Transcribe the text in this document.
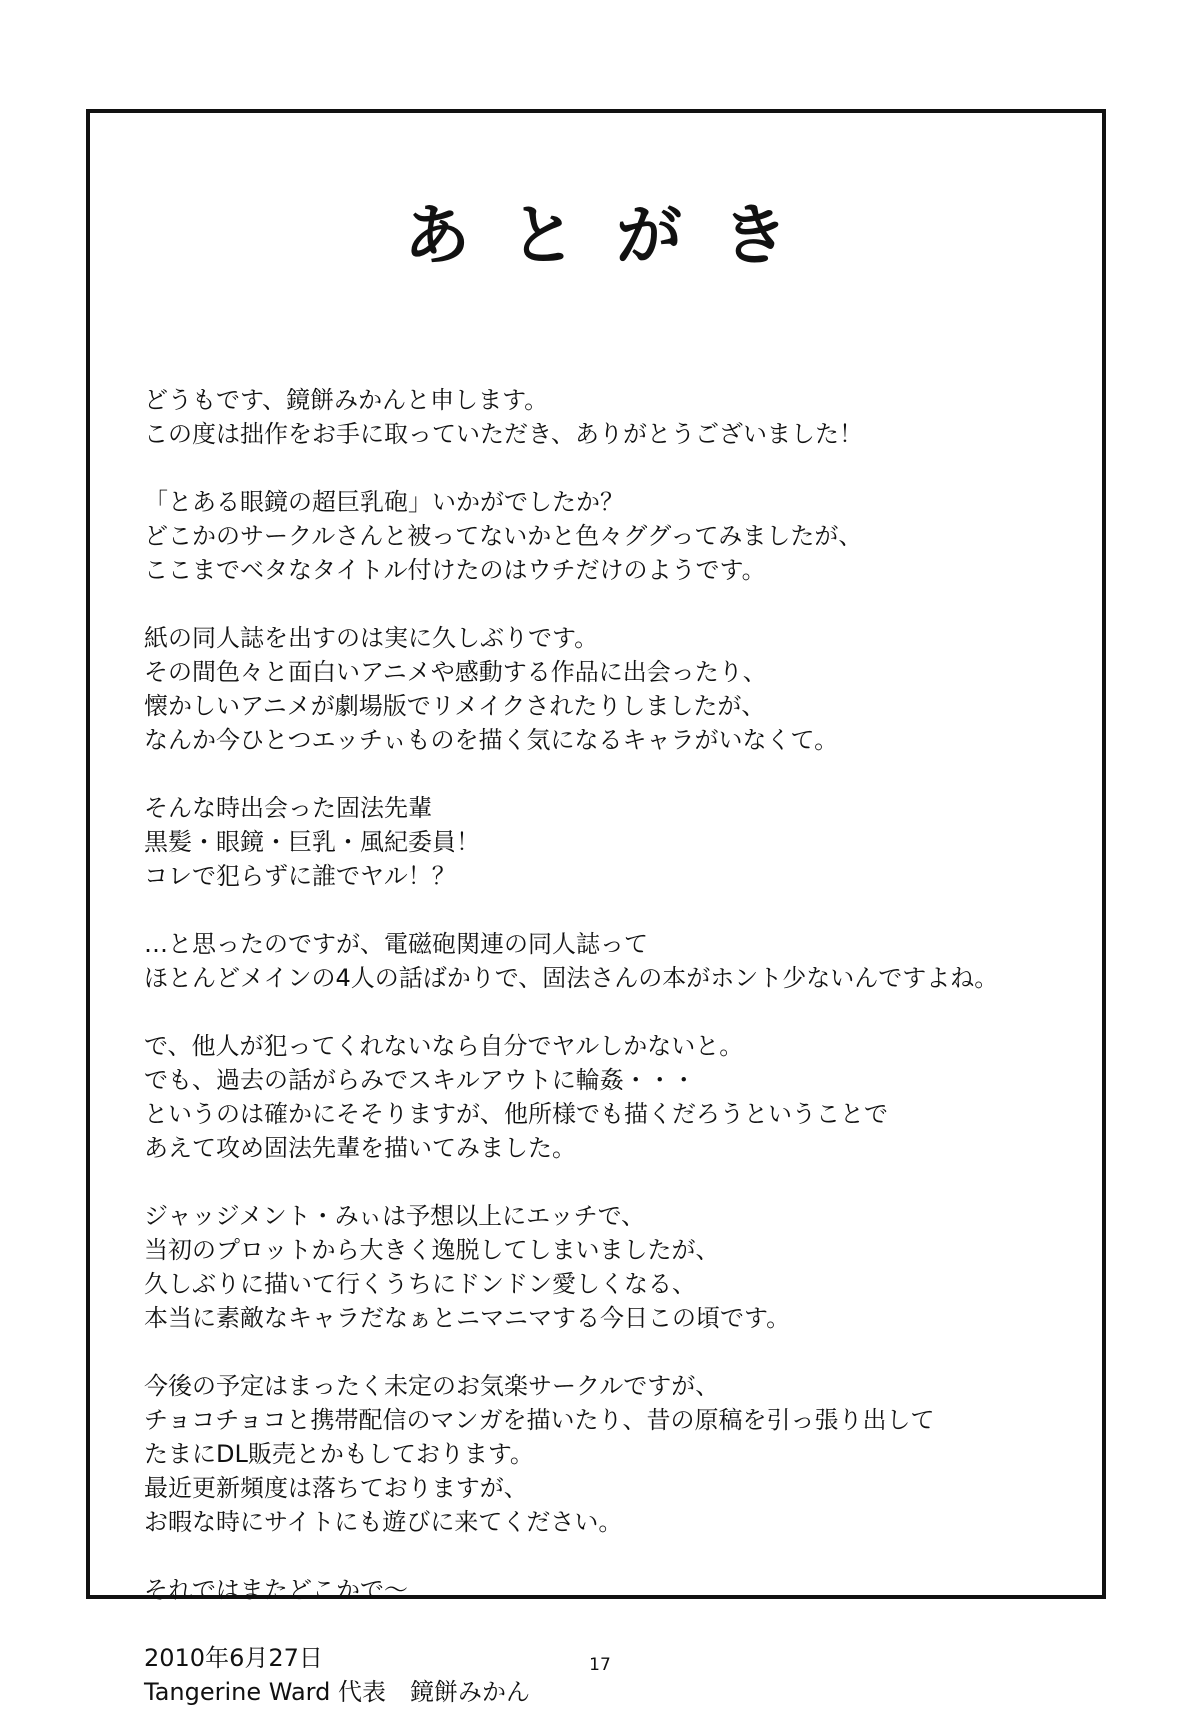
あとがき
どうもです、鏡餅みかんと申します。
この度は拙作をお手に取っていただき、ありがとうございました！
「とある眼鏡の超巨乳砲」いかがでしたか？
どこかのサークルさんと被ってないかと色々ググってみましたが、
ここまでベタなタイトル付けたのはウチだけのようです。
紙の同人誌を出すのは実に久しぶりです。
その間色々と面白いアニメや感動する作品に出会ったり、
懐かしいアニメが劇場版でリメイクされたりしましたが、
なんか今ひとつエッチぃものを描く気になるキャラがいなくて。
そんな時出会った固法先輩
黒髪・眼鏡・巨乳・風紀委員！
コレで犯らずに誰でヤル！？
…と思ったのですが、電磁砲関連の同人誌って
ほとんどメインの4人の話ばかりで、固法さんの本がホント少ないんですよね。
で、他人が犯ってくれないなら自分でヤルしかないと。
でも、過去の話がらみでスキルアウトに輪姦・・・
というのは確かにそそりますが、他所様でも描くだろうということで
あえて攻め固法先輩を描いてみました。
ジャッジメント・みぃは予想以上にエッチで、
当初のプロットから大きく逸脱してしまいましたが、
久しぶりに描いて行くうちにドンドン愛しくなる、
本当に素敵なキャラだなぁとニマニマする今日この頃です。
今後の予定はまったく未定のお気楽サークルですが、
チョコチョコと携帯配信のマンガを描いたり、昔の原稿を引っ張り出して
たまにDL販売とかもしております。
最近更新頻度は落ちておりますが、
お暇な時にサイトにも遊びに来てください。
それではまたどこかで～
2010年6月27日
Tangerine Ward 代表　鏡餅みかん
17
